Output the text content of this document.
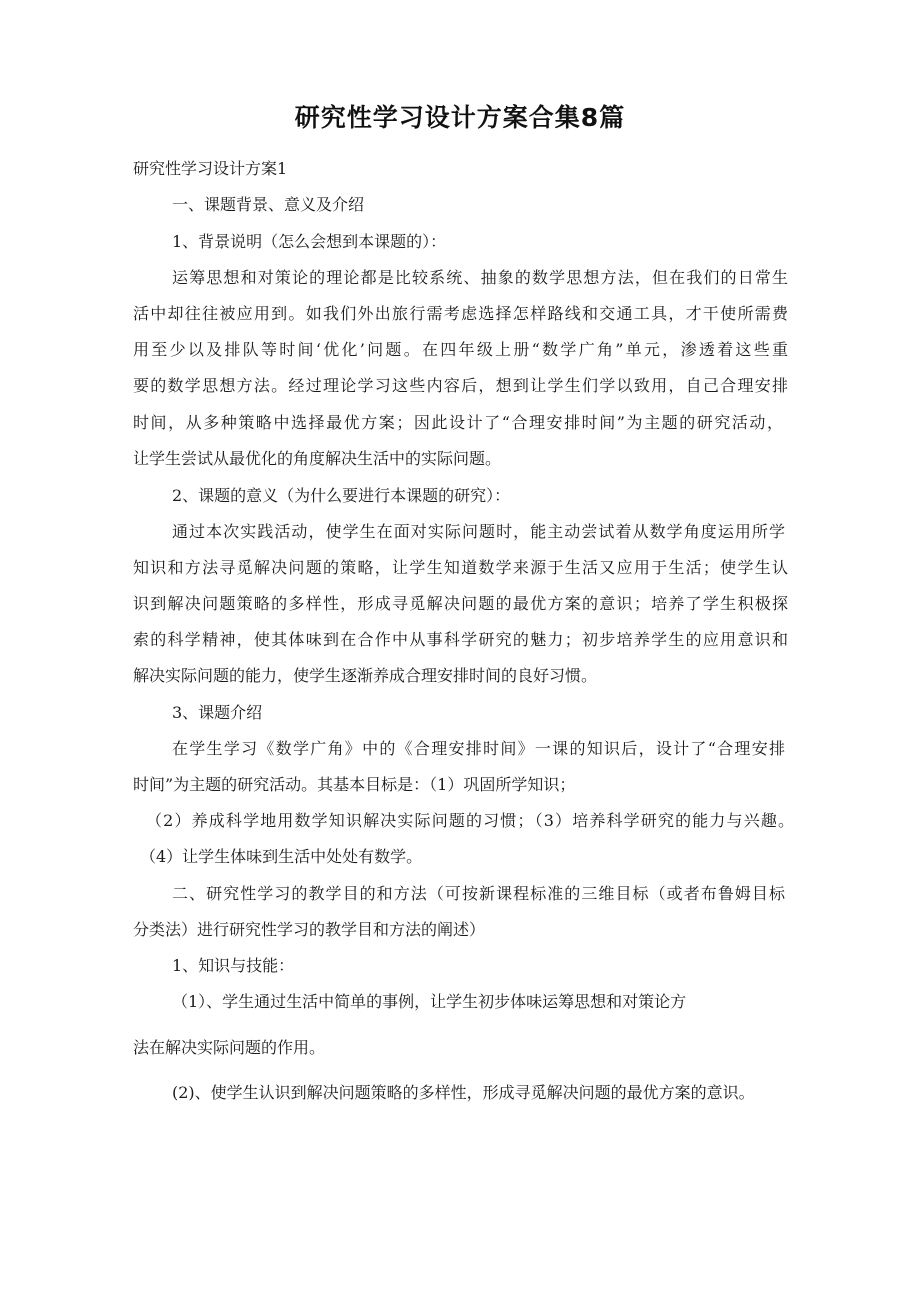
研究性学习设计方案合集8篇
研究性学习设计方案1
一、课题背景、意义及介绍
1、背景说明（怎么会想到本课题的）：
运筹思想和对策论的理论都是比较系统、抽象的数学思想方法，但在我们的日常生
活中却往往被应用到。如我们外出旅行需考虑选择怎样路线和交通工具，才干使所需费
用至少以及排队等时间‘优化’问题。在四年级上册“数学广角”单元，渗透着这些重
要的数学思想方法。经过理论学习这些内容后，想到让学生们学以致用，自己合理安排
时间，从多种策略中选择最优方案；因此设计了“合理安排时间”为主题的研究活动，
让学生尝试从最优化的角度解决生活中的实际问题。
2、课题的意义（为什么要进行本课题的研究）：
通过本次实践活动，使学生在面对实际问题时，能主动尝试着从数学角度运用所学
知识和方法寻觅解决问题的策略，让学生知道数学来源于生活又应用于生活；使学生认
识到解决问题策略的多样性，形成寻觅解决问题的最优方案的意识；培养了学生积极探
索的科学精神，使其体味到在合作中从事科学研究的魅力；初步培养学生的应用意识和
解决实际问题的能力，使学生逐渐养成合理安排时间的良好习惯。
3、课题介绍
在学生学习《数学广角》中的《合理安排时间》一课的知识后，设计了“合理安排
时间”为主题的研究活动。其基本目标是：（1）巩固所学知识；
（2）养成科学地用数学知识解决实际问题的习惯；（3）培养科学研究的能力与兴趣。
（4）让学生体味到生活中处处有数学。
二、研究性学习的教学目的和方法（可按新课程标准的三维目标（或者布鲁姆目标
分类法）进行研究性学习的教学目和方法的阐述）
1、知识与技能：
（1）、学生通过生活中简单的事例，让学生初步体味运筹思想和对策论方
法在解决实际问题的作用。
(2)、使学生认识到解决问题策略的多样性，形成寻觅解决问题的最优方案的意识。
